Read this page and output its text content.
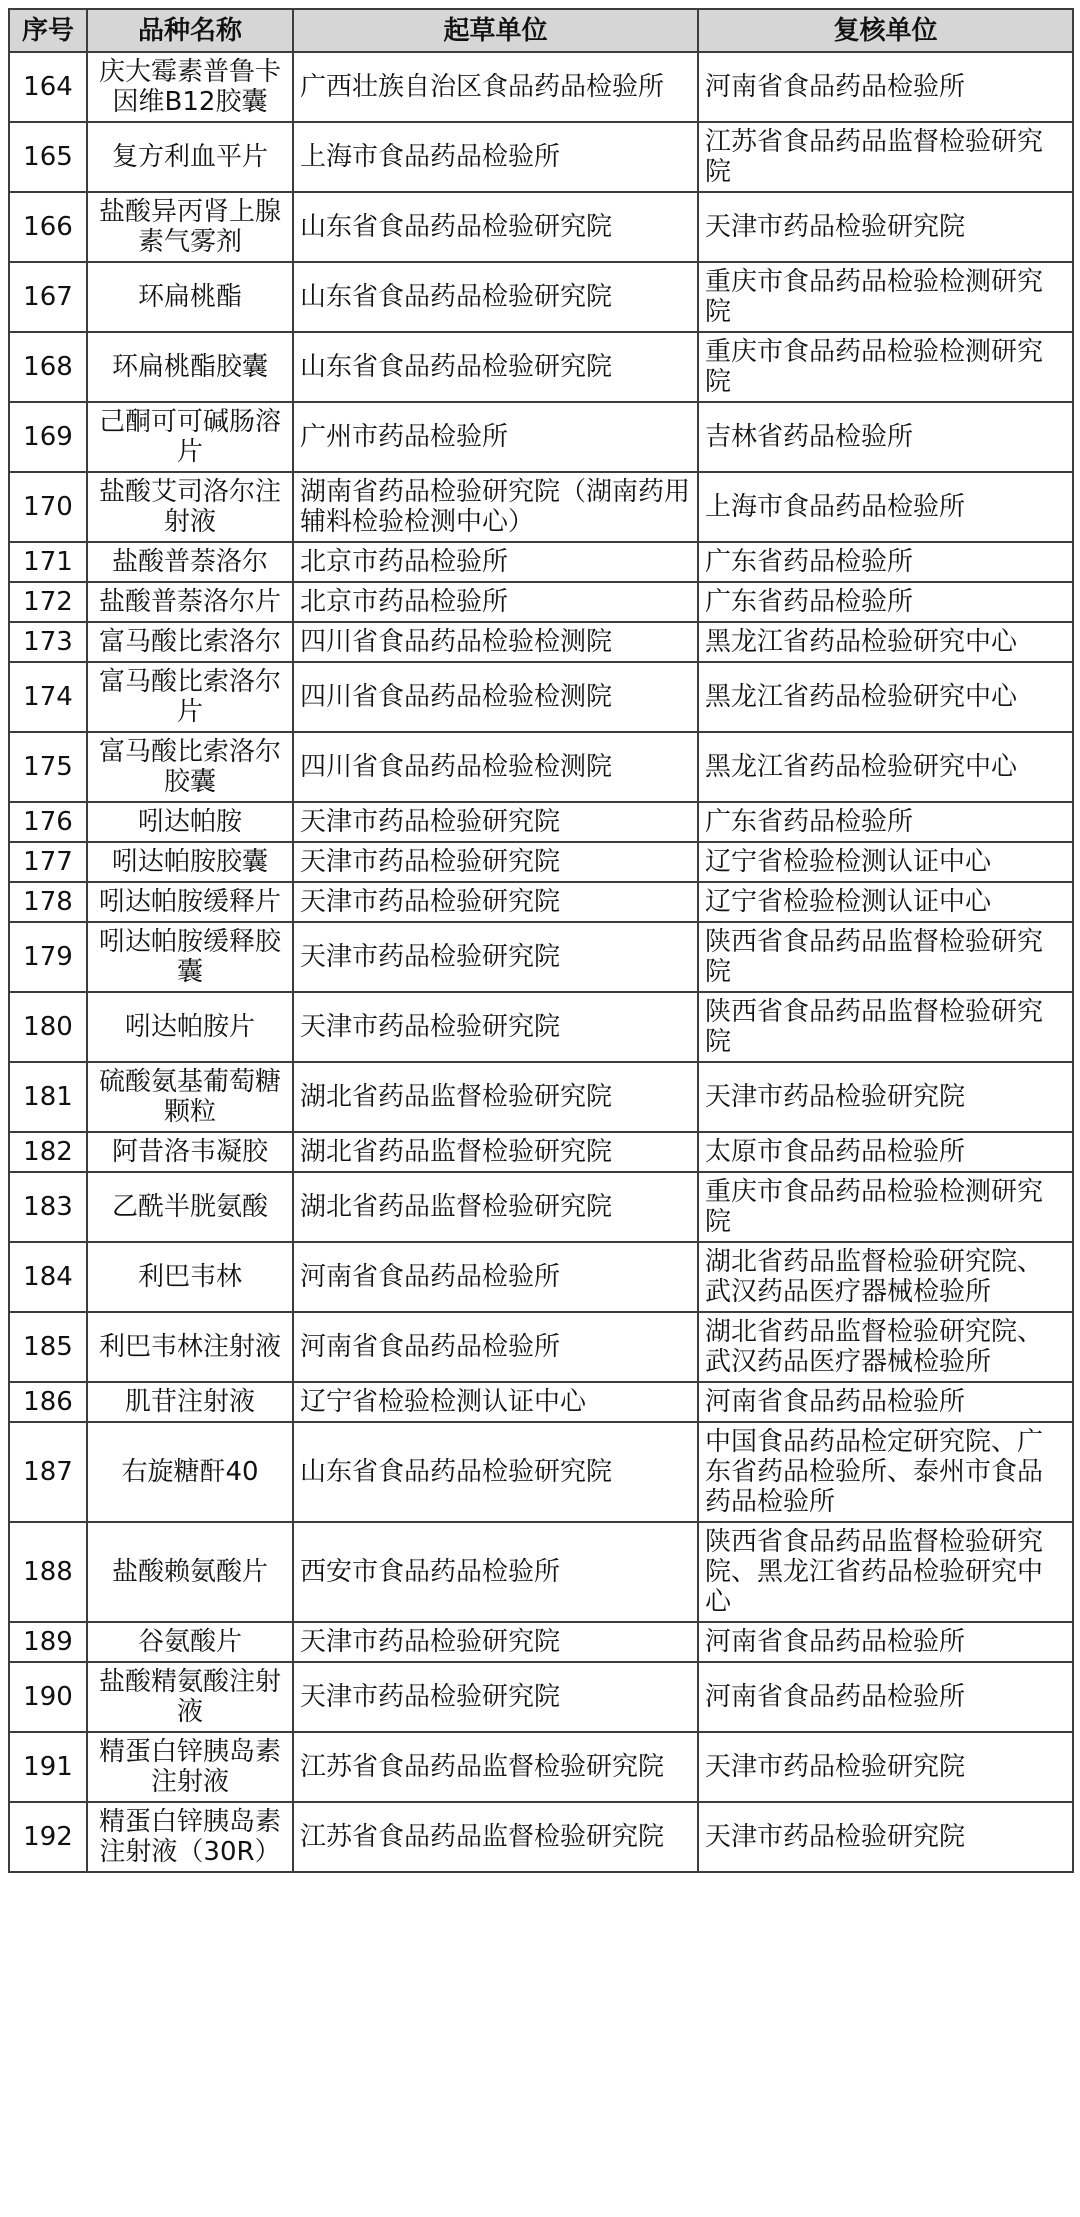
序号	品种名称	起草单位	复核单位
164	庆大霉素普鲁卡因维B12胶囊	广西壮族自治区食品药品检验所	河南省食品药品检验所
165	复方利血平片	上海市食品药品检验所	江苏省食品药品监督检验研究院
166	盐酸异丙肾上腺素气雾剂	山东省食品药品检验研究院	天津市药品检验研究院
167	环扁桃酯	山东省食品药品检验研究院	重庆市食品药品检验检测研究院
168	环扁桃酯胶囊	山东省食品药品检验研究院	重庆市食品药品检验检测研究院
169	己酮可可碱肠溶片	广州市药品检验所	吉林省药品检验所
170	盐酸艾司洛尔注射液	湖南省药品检验研究院（湖南药用辅料检验检测中心）	上海市食品药品检验所
171	盐酸普萘洛尔	北京市药品检验所	广东省药品检验所
172	盐酸普萘洛尔片	北京市药品检验所	广东省药品检验所
173	富马酸比索洛尔	四川省食品药品检验检测院	黑龙江省药品检验研究中心
174	富马酸比索洛尔片	四川省食品药品检验检测院	黑龙江省药品检验研究中心
175	富马酸比索洛尔胶囊	四川省食品药品检验检测院	黑龙江省药品检验研究中心
176	吲达帕胺	天津市药品检验研究院	广东省药品检验所
177	吲达帕胺胶囊	天津市药品检验研究院	辽宁省检验检测认证中心
178	吲达帕胺缓释片	天津市药品检验研究院	辽宁省检验检测认证中心
179	吲达帕胺缓释胶囊	天津市药品检验研究院	陕西省食品药品监督检验研究院
180	吲达帕胺片	天津市药品检验研究院	陕西省食品药品监督检验研究院
181	硫酸氨基葡萄糖颗粒	湖北省药品监督检验研究院	天津市药品检验研究院
182	阿昔洛韦凝胶	湖北省药品监督检验研究院	太原市食品药品检验所
183	乙酰半胱氨酸	湖北省药品监督检验研究院	重庆市食品药品检验检测研究院
184	利巴韦林	河南省食品药品检验所	湖北省药品监督检验研究院、武汉药品医疗器械检验所
185	利巴韦林注射液	河南省食品药品检验所	湖北省药品监督检验研究院、武汉药品医疗器械检验所
186	肌苷注射液	辽宁省检验检测认证中心	河南省食品药品检验所
187	右旋糖酐40	山东省食品药品检验研究院	中国食品药品检定研究院、广东省药品检验所、泰州市食品药品检验所
188	盐酸赖氨酸片	西安市食品药品检验所	陕西省食品药品监督检验研究院、黑龙江省药品检验研究中心
189	谷氨酸片	天津市药品检验研究院	河南省食品药品检验所
190	盐酸精氨酸注射液	天津市药品检验研究院	河南省食品药品检验所
191	精蛋白锌胰岛素注射液	江苏省食品药品监督检验研究院	天津市药品检验研究院
192	精蛋白锌胰岛素注射液（30R）	江苏省食品药品监督检验研究院	天津市药品检验研究院
